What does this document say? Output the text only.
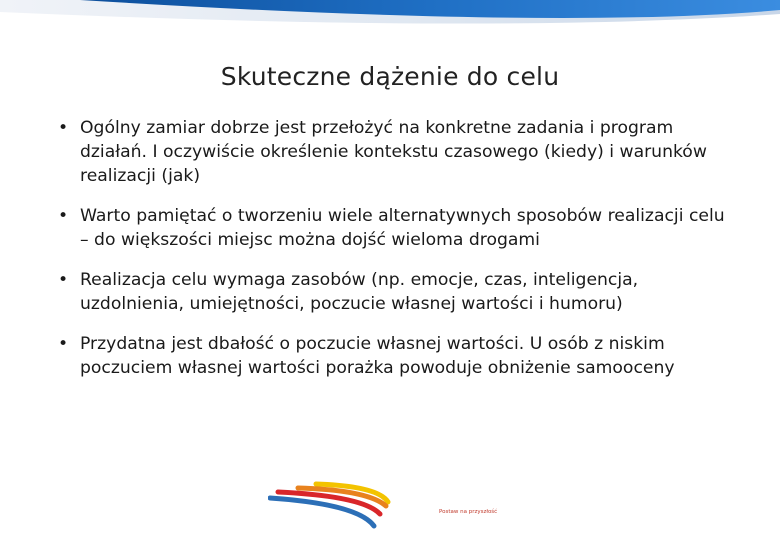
Skuteczne dążenie do celu
• Ogólny zamiar dobrze jest przełożyć na konkretne zadania i program działań. I oczywiście określenie kontekstu czasowego (kiedy) i warunków realizacji (jak)
• Warto pamiętać o tworzeniu wiele alternatywnych sposobów realizacji celu – do większości miejsc można dojść wieloma drogami
• Realizacja celu wymaga zasobów (np. emocje, czas, inteligencja, uzdolnienia, umiejętności, poczucie własnej wartości i humoru)
• Przydatna jest dbałość o poczucie własnej wartości. U osób z niskim poczuciem własnej wartości porażka powoduje obniżenie samooceny
Postaw na przyszłość
